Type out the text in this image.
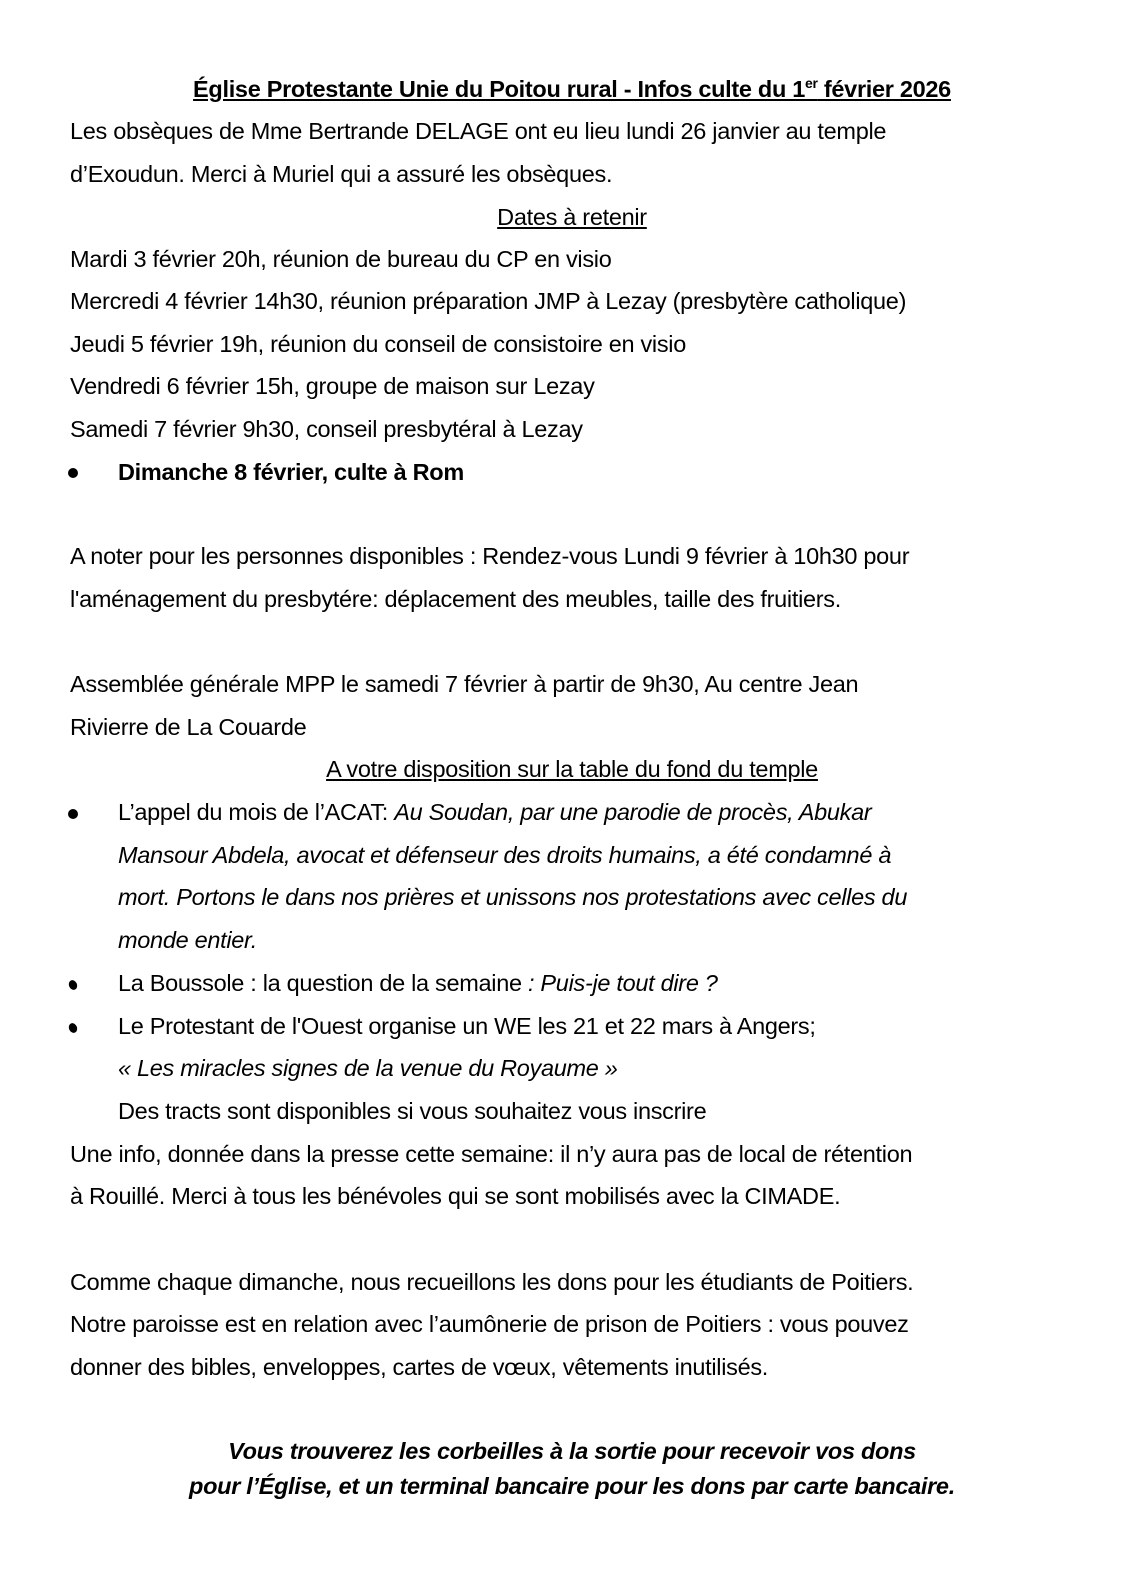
Église Protestante Unie du Poitou rural - Infos culte du 1er février 2026
Les obsèques de Mme Bertrande DELAGE ont eu lieu lundi 26 janvier au temple
d’Exoudun. Merci à Muriel qui a assuré les obsèques.
Dates à retenir
Mardi 3 février 20h, réunion de bureau du CP en visio
Mercredi 4 février 14h30, réunion préparation JMP à Lezay (presbytère catholique)
Jeudi 5 février 19h, réunion du conseil de consistoire en visio
Vendredi 6 février 15h, groupe de maison sur Lezay
Samedi 7 février 9h30, conseil presbytéral à Lezay
Dimanche 8 février, culte à Rom
A noter pour les personnes disponibles : Rendez-vous Lundi 9 février à 10h30 pour
l'aménagement du presbytére: déplacement des meubles, taille des fruitiers.
Assemblée générale MPP le samedi 7 février à partir de 9h30, Au centre Jean
Rivierre de La Couarde
A votre disposition sur la table du fond du temple
L’appel du mois de l’ACAT: Au Soudan, par une parodie de procès, Abukar
Mansour Abdela, avocat et défenseur des droits humains, a été condamné à
mort. Portons le dans nos prières et unissons nos protestations avec celles du
monde entier.
La Boussole : la question de la semaine : Puis-je tout dire ?
Le Protestant de l'Ouest organise un WE les 21 et 22 mars à Angers;
« Les miracles signes de la venue du Royaume »
Des tracts sont disponibles si vous souhaitez vous inscrire
Une info, donnée dans la presse cette semaine: il n’y aura pas de local de rétention
à Rouillé. Merci à tous les bénévoles qui se sont mobilisés avec la CIMADE.
Comme chaque dimanche, nous recueillons les dons pour les étudiants de Poitiers.
Notre paroisse est en relation avec l’aumônerie de prison de Poitiers : vous pouvez
donner des bibles, enveloppes, cartes de vœux, vêtements inutilisés.
Vous trouverez les corbeilles à la sortie pour recevoir vos dons
pour l’Église, et un terminal bancaire pour les dons par carte bancaire.
